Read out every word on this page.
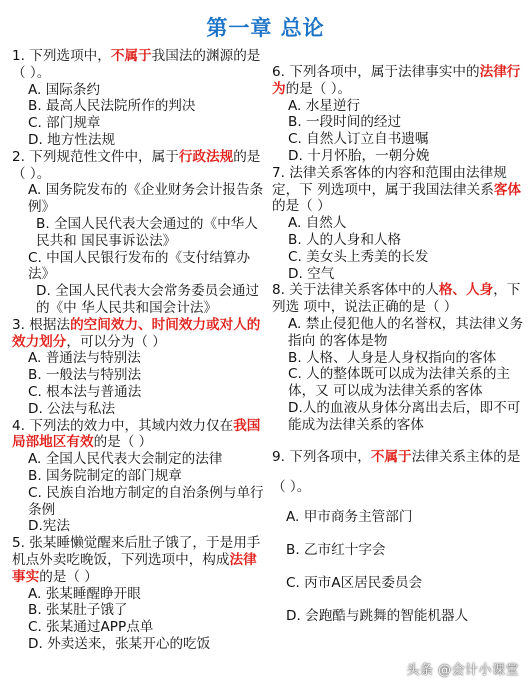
第一章 总论

1. 下列选项中，不属于我国法的渊源的是（ ）。

A. 国际条约

B. 最高人民法院所作的判决

C. 部门规章

D. 地方性法规

2. 下列规范性文件中，属于行政法规的是（ ）。

A. 国务院发布的《企业财务会计报告条例》

B. 全国人民代表大会通过的《中华人民共和 国民事诉讼法》

C. 中国人民银行发布的《支付结算办法》

D. 全国人民代表大会常务委员会通过的《中 华人民共和国会计法》

3. 根据法的空间效力、时间效力或对人的效力划分，可以分为（ ）

A. 普通法与特别法

B. 一般法与特别法

C. 根本法与普通法

D. 公法与私法

4. 下列法的效力中，其域内效力仅在我国局部地区有效的是（ ）

A. 全国人民代表大会制定的法律

B. 国务院制定的部门规章

C. 民族自治地方制定的自治条例与单行条例

D.宪法

5. 张某睡懒觉醒来后肚子饿了，于是用手机点外卖吃晚饭，下列选项中，构成法律事实的是（ ）

A. 张某睡醒睁开眼

B. 张某肚子饿了

C. 张某通过APP点单

D. 外卖送来，张某开心的吃饭

6. 下列各项中，属于法律事实中的法律行为的是（ ）。

A. 水星逆行

B. 一段时间的经过

C. 自然人订立自书遗嘱

D. 十月怀胎，一朝分娩

7. 法律关系客体的内容和范围由法律规定，下 列选项中，属于我国法律关系客体的是（ ）

A. 自然人

B. 人的人身和人格

C. 美女头上秀美的长发

D. 空气

8. 关于法律关系客体中的人格、人身，下列选 项中，说法正确的是（ ）

A. 禁止侵犯他人的名誉权，其法律义务指向 的客体是物

B. 人格、人身是人身权指向的客体

C. 人的整体既可以成为法律关系的主体，又 可以成为法律关系的客体

D.人的血液从身体分离出去后，即不可能成为法律关系的客体

9. 下列各项中，不属于法律关系主体的是（ ）。

A. 甲市商务主管部门

B. 乙市红十字会

C. 丙市A区居民委员会

D. 会跑酷与跳舞的智能机器人

头条 @会计小课堂
